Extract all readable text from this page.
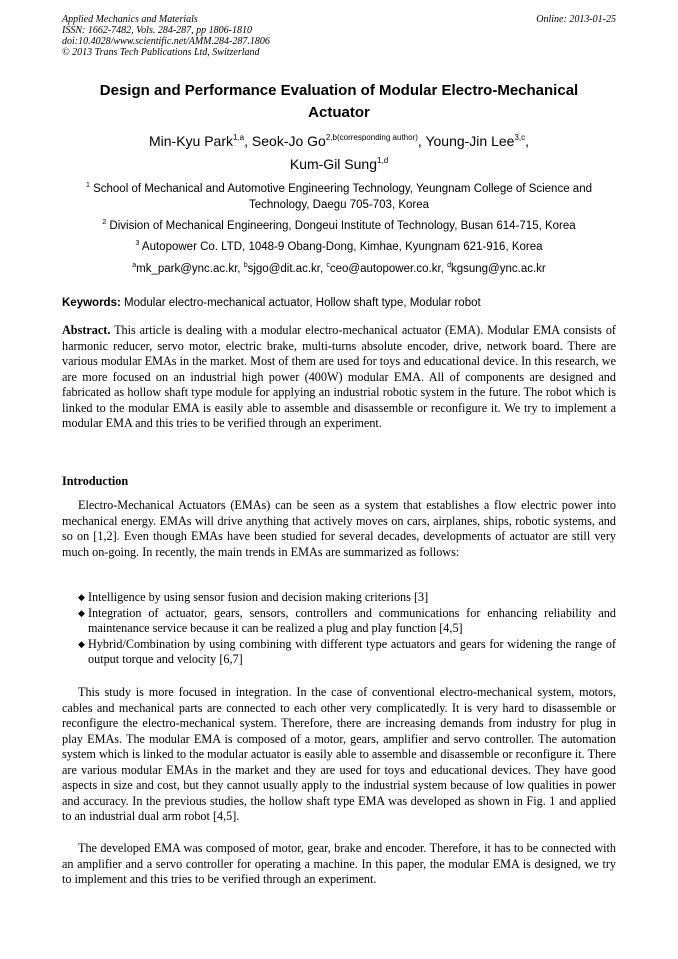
Applied Mechanics and Materials
ISSN: 1662-7482, Vols. 284-287, pp 1806-1810
doi:10.4028/www.scientific.net/AMM.284-287.1806
© 2013 Trans Tech Publications Ltd, Switzerland
Online: 2013-01-25
Design and Performance Evaluation of Modular Electro-Mechanical
Actuator
Min-Kyu Park$^{1,a}$, Seok-Jo $Go^{2,b(corresponding author)}$, Young-Jin Lee$^{3,c}$,
Kum-Gil Sung$^{1,d}$
$^1$ School of Mechanical and Automotive Engineering Technology, Yeungnam College of Science and Technology, Daegu 705-703, Korea
$^2$ Division of Mechanical Engineering, Dongeui Institute of Technology, Busan 614-715, Korea
$^3$ Autopower Co. LTD, 1048-9 Obang-Dong, Kimhae, Kyungnam 621-916, Korea
$^a$mk_park@ync.ac.kr, $^b$sjgo@dit.ac.kr, $^c$ceo@autopower.co.kr, $^d$kgsung@ync.ac.kr
Keywords: Modular electro-mechanical actuator, Hollow shaft type, Modular robot
Abstract. This article is dealing with a modular electro-mechanical actuator (EMA). Modular EMA consists of harmonic reducer, servo motor, electric brake, multi-turns absolute encoder, drive, network board. There are various modular EMAs in the market. Most of them are used for toys and educational device. In this research, we are more focused on an industrial high power (400W) modular EMA. All of components are designed and fabricated as hollow shaft type module for applying an industrial robotic system in the future. The robot which is linked to the modular EMA is easily able to assemble and disassemble or reconfigure it. We try to implement a modular EMA and this tries to be verified through an experiment.
Introduction
Electro-Mechanical Actuators (EMAs) can be seen as a system that establishes a flow electric power into mechanical energy. EMAs will drive anything that actively moves on cars, airplanes, ships, robotic systems, and so on [1,2]. Even though EMAs have been studied for several decades, developments of actuator are still very much on-going. In recently, the main trends in EMAs are summarized as follows:
◆ Intelligence by using sensor fusion and decision making criterions [3]
◆ Integration of actuator, gears, sensors, controllers and communications for enhancing reliability and maintenance service because it can be realized a plug and play function [4,5]
◆ Hybrid/Combination by using combining with different type actuators and gears for widening the range of output torque and velocity [6,7]
This study is more focused in integration. In the case of conventional electro-mechanical system, motors, cables and mechanical parts are connected to each other very complicatedly. It is very hard to disassemble or reconfigure the electro-mechanical system. Therefore, there are increasing demands from industry for plug in play EMAs. The modular EMA is composed of a motor, gears, amplifier and servo controller. The automation system which is linked to the modular actuator is easily able to assemble and disassemble or reconfigure it. There are various modular EMAs in the market and they are used for toys and educational devices. They have good aspects in size and cost, but they cannot usually apply to the industrial system because of low qualities in power and accuracy. In the previous studies, the hollow shaft type EMA was developed as shown in Fig. 1 and applied to an industrial dual arm robot [4,5].
The developed EMA was composed of motor, gear, brake and encoder. Therefore, it has to be connected with an amplifier and a servo controller for operating a machine. In this paper, the modular EMA is designed, we try to implement and this tries to be verified through an experiment.
